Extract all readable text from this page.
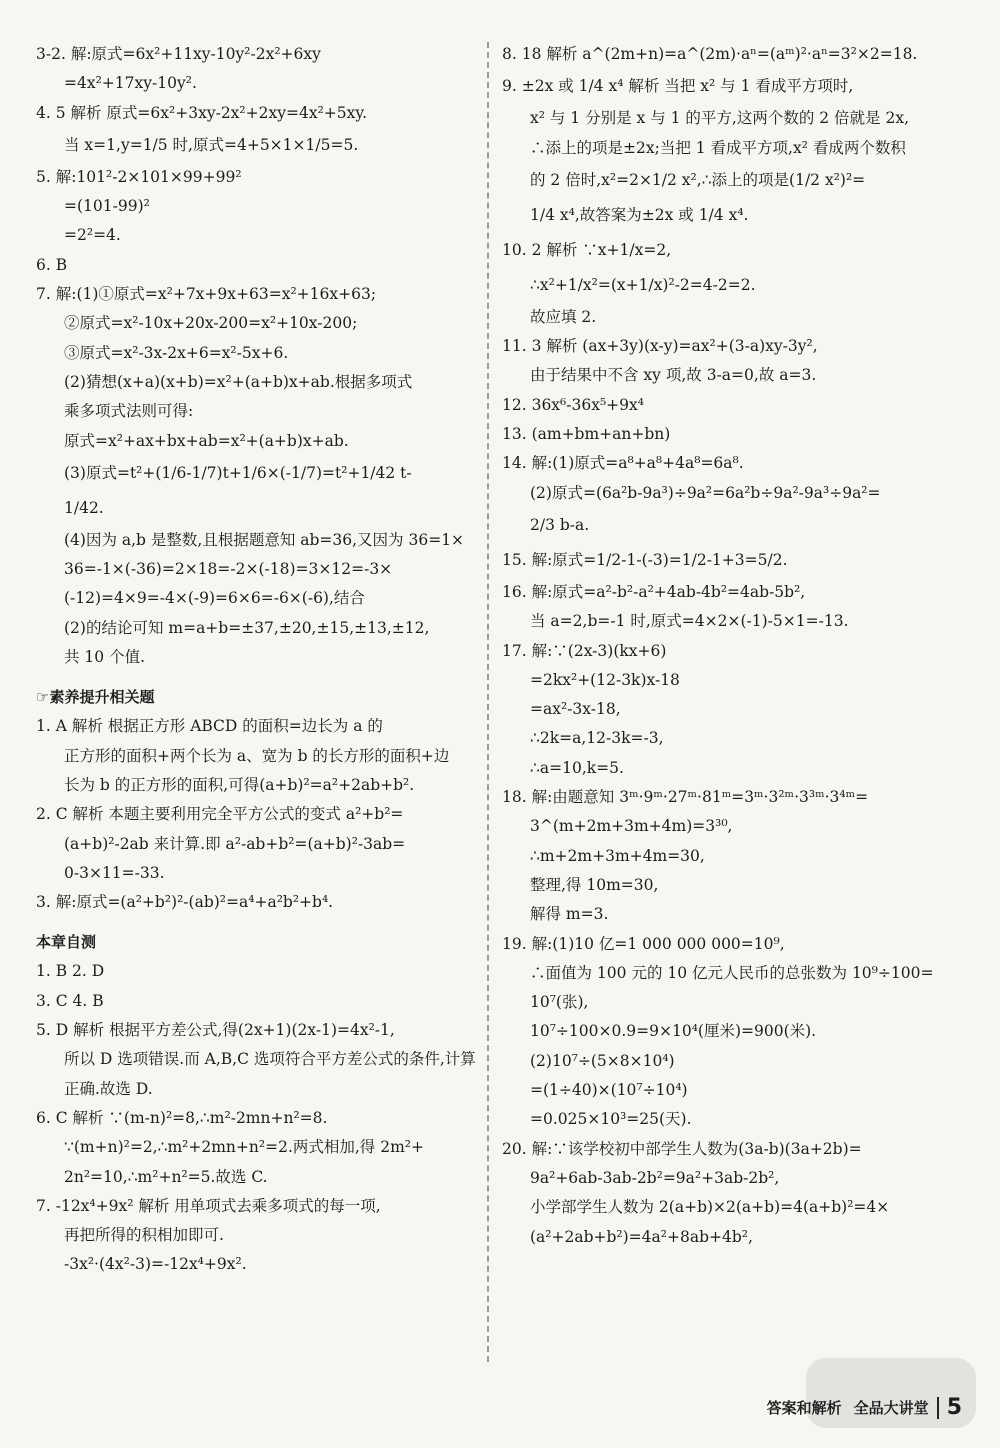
3-2. 解:原式=6x²+11xy-10y²-2x²+6xy
=4x²+17xy-10y².
4. 5 解析 原式=6x²+3xy-2x²+2xy=4x²+5xy.
当 x=1,y=1/5 时,原式=4+5×1×1/5=5.
5. 解:101²-2×101×99+99²
=(101-99)²
=2²=4.
6. B
7. 解:(1)①原式=x²+7x+9x+63=x²+16x+63;
②原式=x²-10x+20x-200=x²+10x-200;
③原式=x²-3x-2x+6=x²-5x+6.
(2)猜想(x+a)(x+b)=x²+(a+b)x+ab.根据多项式
乘多项式法则可得:
原式=x²+ax+bx+ab=x²+(a+b)x+ab.
(3)原式=t²+(1/6-1/7)t+1/6×(-1/7)=t²+1/42 t-
1/42.
(4)因为 a,b 是整数,且根据题意知 ab=36,又因为 36=1×
36=-1×(-36)=2×18=-2×(-18)=3×12=-3×
(-12)=4×9=-4×(-9)=6×6=-6×(-6),结合
(2)的结论可知 m=a+b=±37,±20,±15,±13,±12,
共 10 个值.
☞素养提升相关题
1. A 解析 根据正方形 ABCD 的面积=边长为 a 的
正方形的面积+两个长为 a、宽为 b 的长方形的面积+边
长为 b 的正方形的面积,可得(a+b)²=a²+2ab+b².
2. C 解析 本题主要利用完全平方公式的变式 a²+b²=
(a+b)²-2ab 来计算.即 a²-ab+b²=(a+b)²-3ab=
0-3×11=-33.
3. 解:原式=(a²+b²)²-(ab)²=a⁴+a²b²+b⁴.
本章自测
1. B 2. D
3. C 4. B
5. D 解析 根据平方差公式,得(2x+1)(2x-1)=4x²-1,
所以 D 选项错误.而 A,B,C 选项符合平方差公式的条件,计算
正确.故选 D.
6. C 解析 ∵(m-n)²=8,∴m²-2mn+n²=8.
∵(m+n)²=2,∴m²+2mn+n²=2.两式相加,得 2m²+
2n²=10,∴m²+n²=5.故选 C.
7. -12x⁴+9x² 解析 用单项式去乘多项式的每一项,
再把所得的积相加即可.
-3x²·(4x²-3)=-12x⁴+9x².
8. 18 解析 a^(2m+n)=a^(2m)·aⁿ=(aᵐ)²·aⁿ=3²×2=18.
9. ±2x 或 1/4 x⁴ 解析 当把 x² 与 1 看成平方项时,
x² 与 1 分别是 x 与 1 的平方,这两个数的 2 倍就是 2x,
∴添上的项是±2x;当把 1 看成平方项,x² 看成两个数积
的 2 倍时,x²=2×1/2 x²,∴添上的项是(1/2 x²)²=
1/4 x⁴,故答案为±2x 或 1/4 x⁴.
10. 2 解析 ∵x+1/x=2,
∴x²+1/x²=(x+1/x)²-2=4-2=2.
故应填 2.
11. 3 解析 (ax+3y)(x-y)=ax²+(3-a)xy-3y²,
由于结果中不含 xy 项,故 3-a=0,故 a=3.
12. 36x⁶-36x⁵+9x⁴
13. (am+bm+an+bn)
14. 解:(1)原式=a⁸+a⁸+4a⁸=6a⁸.
(2)原式=(6a²b-9a³)÷9a²=6a²b÷9a²-9a³÷9a²=
2/3 b-a.
15. 解:原式=1/2-1-(-3)=1/2-1+3=5/2.
16. 解:原式=a²-b²-a²+4ab-4b²=4ab-5b²,
当 a=2,b=-1 时,原式=4×2×(-1)-5×1=-13.
17. 解:∵(2x-3)(kx+6)
=2kx²+(12-3k)x-18
=ax²-3x-18,
∴2k=a,12-3k=-3,
∴a=10,k=5.
18. 解:由题意知 3ᵐ·9ᵐ·27ᵐ·81ᵐ=3ᵐ·3²ᵐ·3³ᵐ·3⁴ᵐ=
3^(m+2m+3m+4m)=3³⁰,
∴m+2m+3m+4m=30,
整理,得 10m=30,
解得 m=3.
19. 解:(1)10 亿=1 000 000 000=10⁹,
∴面值为 100 元的 10 亿元人民币的总张数为 10⁹÷100=
10⁷(张),
10⁷÷100×0.9=9×10⁴(厘米)=900(米).
(2)10⁷÷(5×8×10⁴)
=(1÷40)×(10⁷÷10⁴)
=0.025×10³=25(天).
20. 解:∵该学校初中部学生人数为(3a-b)(3a+2b)=
9a²+6ab-3ab-2b²=9a²+3ab-2b²,
小学部学生人数为 2(a+b)×2(a+b)=4(a+b)²=4×
(a²+2ab+b²)=4a²+8ab+4b²,
答案和解析 全品大讲堂 5
